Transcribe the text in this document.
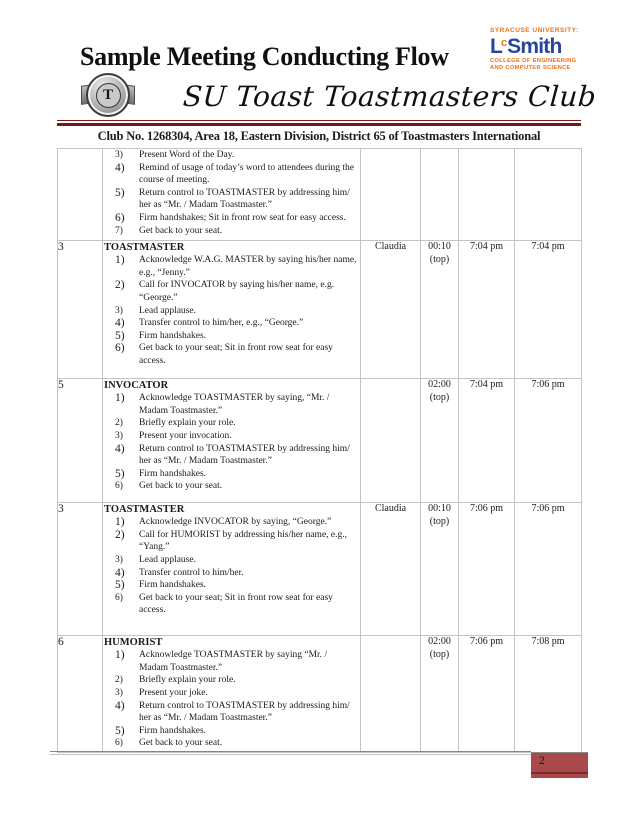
Sample Meeting Conducting Flow
SYRACUSE UNIVERSITY:
$L^cSmith$
COLLEGE OF ENGINEERING
AND COMPUTER SCIENCE
T SU Toast Toastmasters Club
Club No. 1268304, Area 18, Eastern Division, District 65 of Toastmasters International

3)	Present Word of the Day.
4)	Remind of usage of today’s word to attendees during the course of meeting.
5)	Return control to TOASTMASTER by addressing him/ her as “Mr. / Madam Toastmaster.”
6)	Firm handshakes; Sit in front row seat for easy access.
7)	Get back to your seat.

3	TOASTMASTER
1)	Acknowledge W.A.G. MASTER by saying his/her name, e.g., “Jenny.”
2)	Call for INVOCATOR by saying his/her name, e.g. “George.”
3)	Lead applause.
4)	Transfer control to him/her, e.g., “George.”
5)	Firm handshakes.
6)	Get back to your seat; Sit in front row seat for easy access.
	Claudia	00:10
(top)
	7:04 pm	7:04 pm
5	INVOCATOR
1)	Acknowledge TOASTMASTER by saying, “Mr. / Madam Toastmaster.”
2)	Briefly explain your role.
3)	Present your invocation.
4)	Return control to TOASTMASTER by addressing him/ her as “Mr. / Madam Toastmaster.”
5)	Firm handshakes.
6)	Get back to your seat.

02:00
(top)
	7:04 pm	7:06 pm
3	TOASTMASTER
1)	Acknowledge INVOCATOR by saying, “George.”
2)	Call for HUMORIST by addressing his/her name, e.g., “Yang.”
3)	Lead applause.
4)	Transfer control to him/her.
5)	Firm handshakes.
6)	Get back to your seat; Sit in front row seat for easy access.
	Claudia	00:10
(top)
	7:06 pm	7:06 pm
6	HUMORIST
1)	Acknowledge TOASTMASTER by saying “Mr. / Madam Toastmaster.”
2)	Briefly explain your role.
3)	Present your joke.
4)	Return control to TOASTMASTER by addressing him/ her as “Mr. / Madam Toastmaster.”
5)	Firm handshakes.
6)	Get back to your seat.

02:00
(top)
	7:06 pm	7:08 pm
2
